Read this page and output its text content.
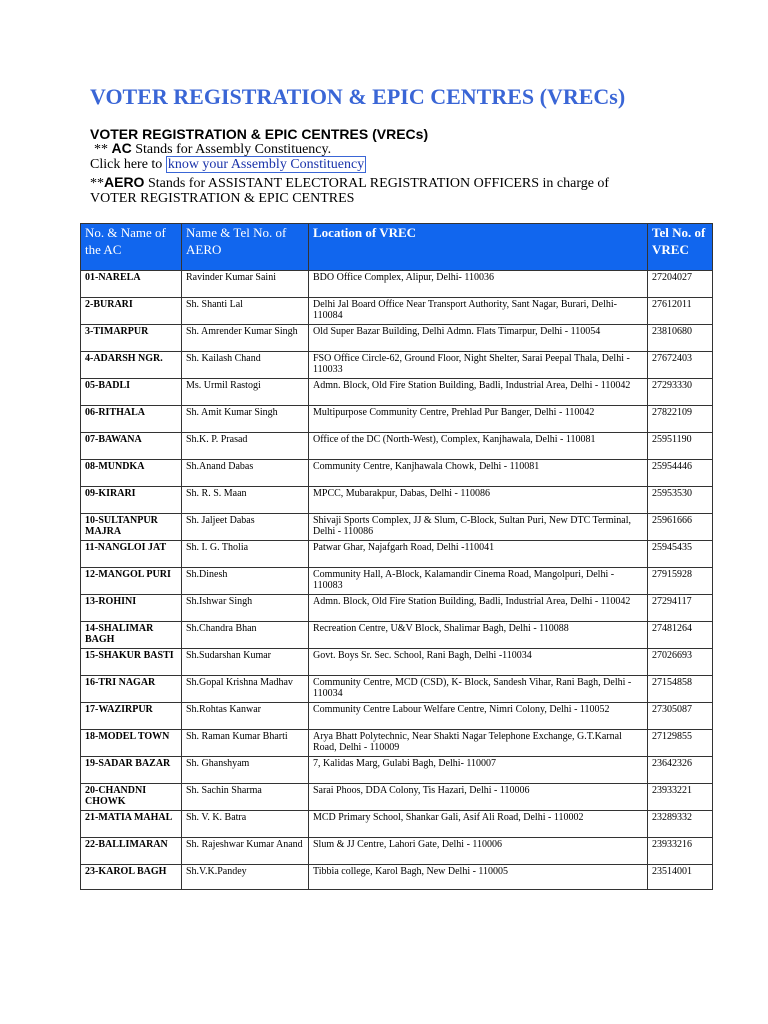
VOTER REGISTRATION & EPIC CENTRES (VRECs)
VOTER REGISTRATION & EPIC CENTRES (VRECs)
** AC Stands for Assembly Constituency.
Click here to know your Assembly Constituency
**AERO Stands for ASSISTANT ELECTORAL REGISTRATION OFFICERS in charge of
VOTER REGISTRATION & EPIC CENTRES
No. & Name of the AC	Name & Tel No. of AERO	Location of VREC	Tel No. of VREC
01-NARELA	Ravinder Kumar Saini	BDO Office Complex, Alipur, Delhi- 110036	27204027
2-BURARI	Sh. Shanti Lal	Delhi Jal Board Office Near Transport Authority, Sant Nagar, Burari, Delhi- 110084	27612011
3-TIMARPUR	Sh. Amrender Kumar Singh	Old Super Bazar Building, Delhi Admn. Flats Timarpur, Delhi - 110054	23810680
4-ADARSH NGR.	Sh. Kailash Chand	FSO Office Circle-62, Ground Floor, Night Shelter, Sarai Peepal Thala, Delhi - 110033	27672403
05-BADLI	Ms. Urmil Rastogi	Admn. Block, Old Fire Station Building, Badli, Industrial Area, Delhi - 110042	27293330
06-RITHALA	Sh. Amit Kumar Singh	Multipurpose Community Centre, Prehlad Pur Banger, Delhi - 110042	27822109
07-BAWANA	Sh.K. P. Prasad	Office of the DC (North-West), Complex, Kanjhawala, Delhi - 110081	25951190
08-MUNDKA	Sh.Anand Dabas	Community Centre, Kanjhawala Chowk, Delhi - 110081	25954446
09-KIRARI	Sh. R. S. Maan	MPCC, Mubarakpur, Dabas, Delhi - 110086	25953530
10-SULTANPUR MAJRA	Sh. Jaljeet Dabas	Shivaji Sports Complex, JJ & Slum, C-Block, Sultan Puri, New DTC Terminal, Delhi - 110086	25961666
11-NANGLOI JAT	Sh. I. G. Tholia	Patwar Ghar, Najafgarh Road, Delhi -110041	25945435
12-MANGOL PURI	Sh.Dinesh	Community Hall, A-Block, Kalamandir Cinema Road, Mangolpuri, Delhi - 110083	27915928
13-ROHINI	Sh.Ishwar Singh	Admn. Block, Old Fire Station Building, Badli, Industrial Area, Delhi - 110042	27294117
14-SHALIMAR BAGH	Sh.Chandra Bhan	Recreation Centre, U&V Block, Shalimar Bagh, Delhi - 110088	27481264
15-SHAKUR BASTI	Sh.Sudarshan Kumar	Govt. Boys Sr. Sec. School, Rani Bagh, Delhi -110034	27026693
16-TRI NAGAR	Sh.Gopal Krishna Madhav	Community Centre, MCD (CSD), K- Block, Sandesh Vihar, Rani Bagh, Delhi - 110034	27154858
17-WAZIRPUR	Sh.Rohtas Kanwar	Community Centre Labour Welfare Centre, Nimri Colony, Delhi - 110052	27305087
18-MODEL TOWN	Sh. Raman Kumar Bharti	Arya Bhatt Polytechnic, Near Shakti Nagar Telephone Exchange, G.T.Karnal Road, Delhi - 110009	27129855
19-SADAR BAZAR	Sh. Ghanshyam	7, Kalidas Marg, Gulabi Bagh, Delhi- 110007	23642326
20-CHANDNI CHOWK	Sh. Sachin Sharma	Sarai Phoos, DDA Colony, Tis Hazari, Delhi - 110006	23933221
21-MATIA MAHAL	Sh. V. K. Batra	MCD Primary School, Shankar Gali, Asif Ali Road, Delhi - 110002	23289332
22-BALLIMARAN	Sh. Rajeshwar Kumar Anand	Slum & JJ Centre, Lahori Gate, Delhi - 110006	23933216
23-KAROL BAGH	Sh.V.K.Pandey	Tibbia college, Karol Bagh, New Delhi - 110005	23514001
